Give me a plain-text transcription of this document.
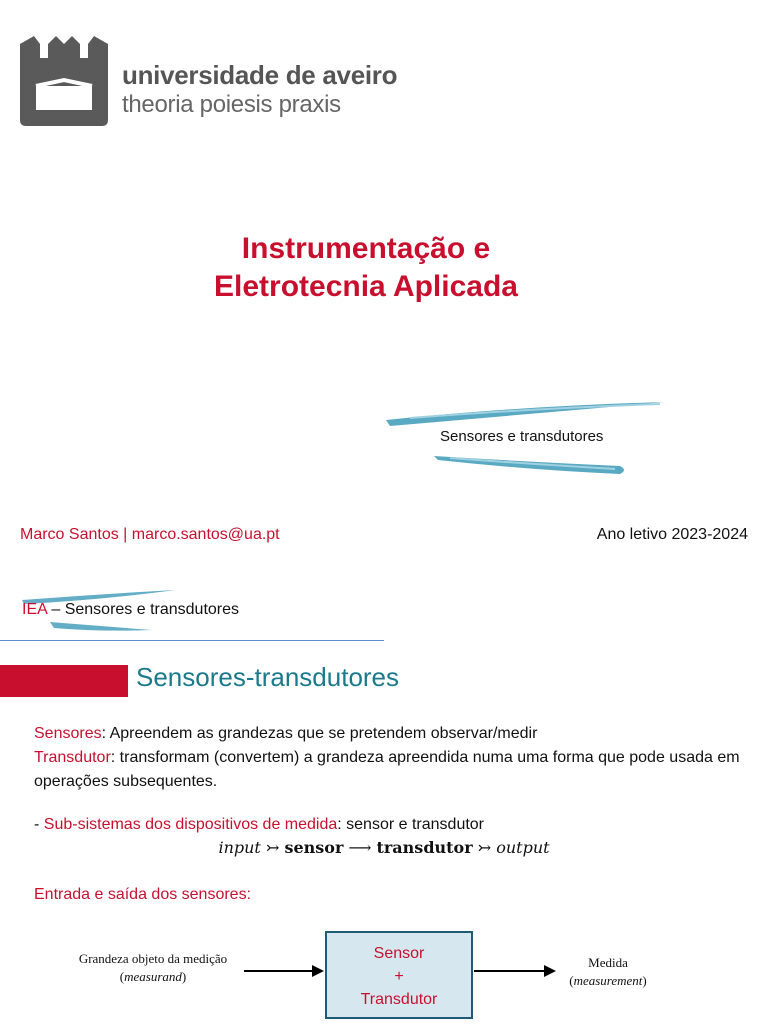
universidade de aveiro
theoria poiesis praxis
Instrumentação e
Eletrotecnia Aplicada
Sensores e transdutores
Marco Santos | marco.santos@ua.pt	Ano letivo 2023-2024
IEA – Sensores e transdutores
Sensores-transdutores
Sensores: Apreendem as grandezas que se pretendem observar/medir
Transdutor: transformam (convertem) a grandeza apreendida numa uma forma que pode usada em operações subsequentes.
- Sub-sistemas dos dispositivos de medida: sensor e transdutor
input ↣ sensor ⟶ transdutor ↣ output
Entrada e saída dos sensores:
Grandeza objeto da medição
(measurand)
Sensor
+
Transdutor
Medida
(measurement)
